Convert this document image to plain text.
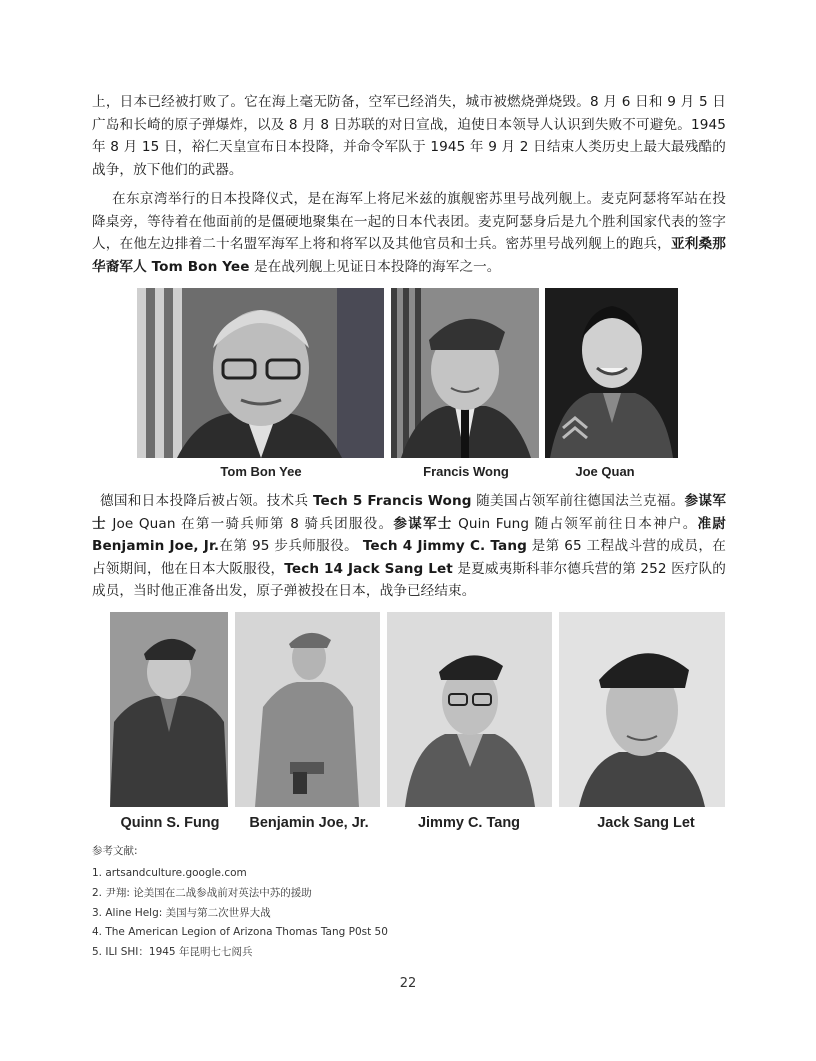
上，日本已经被打败了。它在海上毫无防备，空军已经消失，城市被燃烧弹烧毁。8 月 6 日和 9 月 5 日广岛和长崎的原子弹爆炸，以及 8 月 8 日苏联的对日宣战，迫使日本领导人认识到失败不可避免。1945 年 8 月 15 日，裕仁天皇宣布日本投降，并命令军队于 1945 年 9 月 2 日结束人类历史上最大最残酷的战争，放下他们的武器。

在东京湾举行的日本投降仪式，是在海军上将尼米兹的旗舰密苏里号战列舰上。麦克阿瑟将军站在投降桌旁，等待着在他面前的是僵硬地聚集在一起的日本代表团。麦克阿瑟身后是九个胜利国家代表的签字人，在他左边排着二十名盟军海军上将和将军以及其他官员和士兵。密苏里号战列舰上的跑兵，亚利桑那华裔军人 Tom Bon Yee 是在战列舰上见证日本投降的海军之一。

Tom Bon Yee	Francis Wong	Joe Quan

德国和日本投降后被占领。技术兵 Tech 5 Francis Wong 随美国占领军前往德国法兰克福。参谋军士 Joe Quan 在第一骑兵师第 8 骑兵团服役。参谋军士 Quin Fung 随占领军前往日本神户。准尉 Benjamin Joe, Jr.在第 95 步兵师服役。 Tech 4 Jimmy C. Tang 是第 65 工程战斗营的成员，在占领期间，他在日本大阪服役，Tech 14 Jack Sang Let 是夏威夷斯科菲尔德兵营的第 252 医疗队的成员，当时他正准备出发，原子弹被投在日本，战争已经结束。

Quinn S. Fung	Benjamin Joe, Jr.	Jimmy C. Tang	Jack Sang Let
参考文献:
1. artsandculture.google.com
2. 尹翔: 论美国在二战参战前对英法中苏的援助
3. Aline Helg: 美国与第二次世界大战
4. The American Legion of Arizona Thomas Tang P0st 50
5. ILI SHI：1945 年昆明七七阅兵
22
